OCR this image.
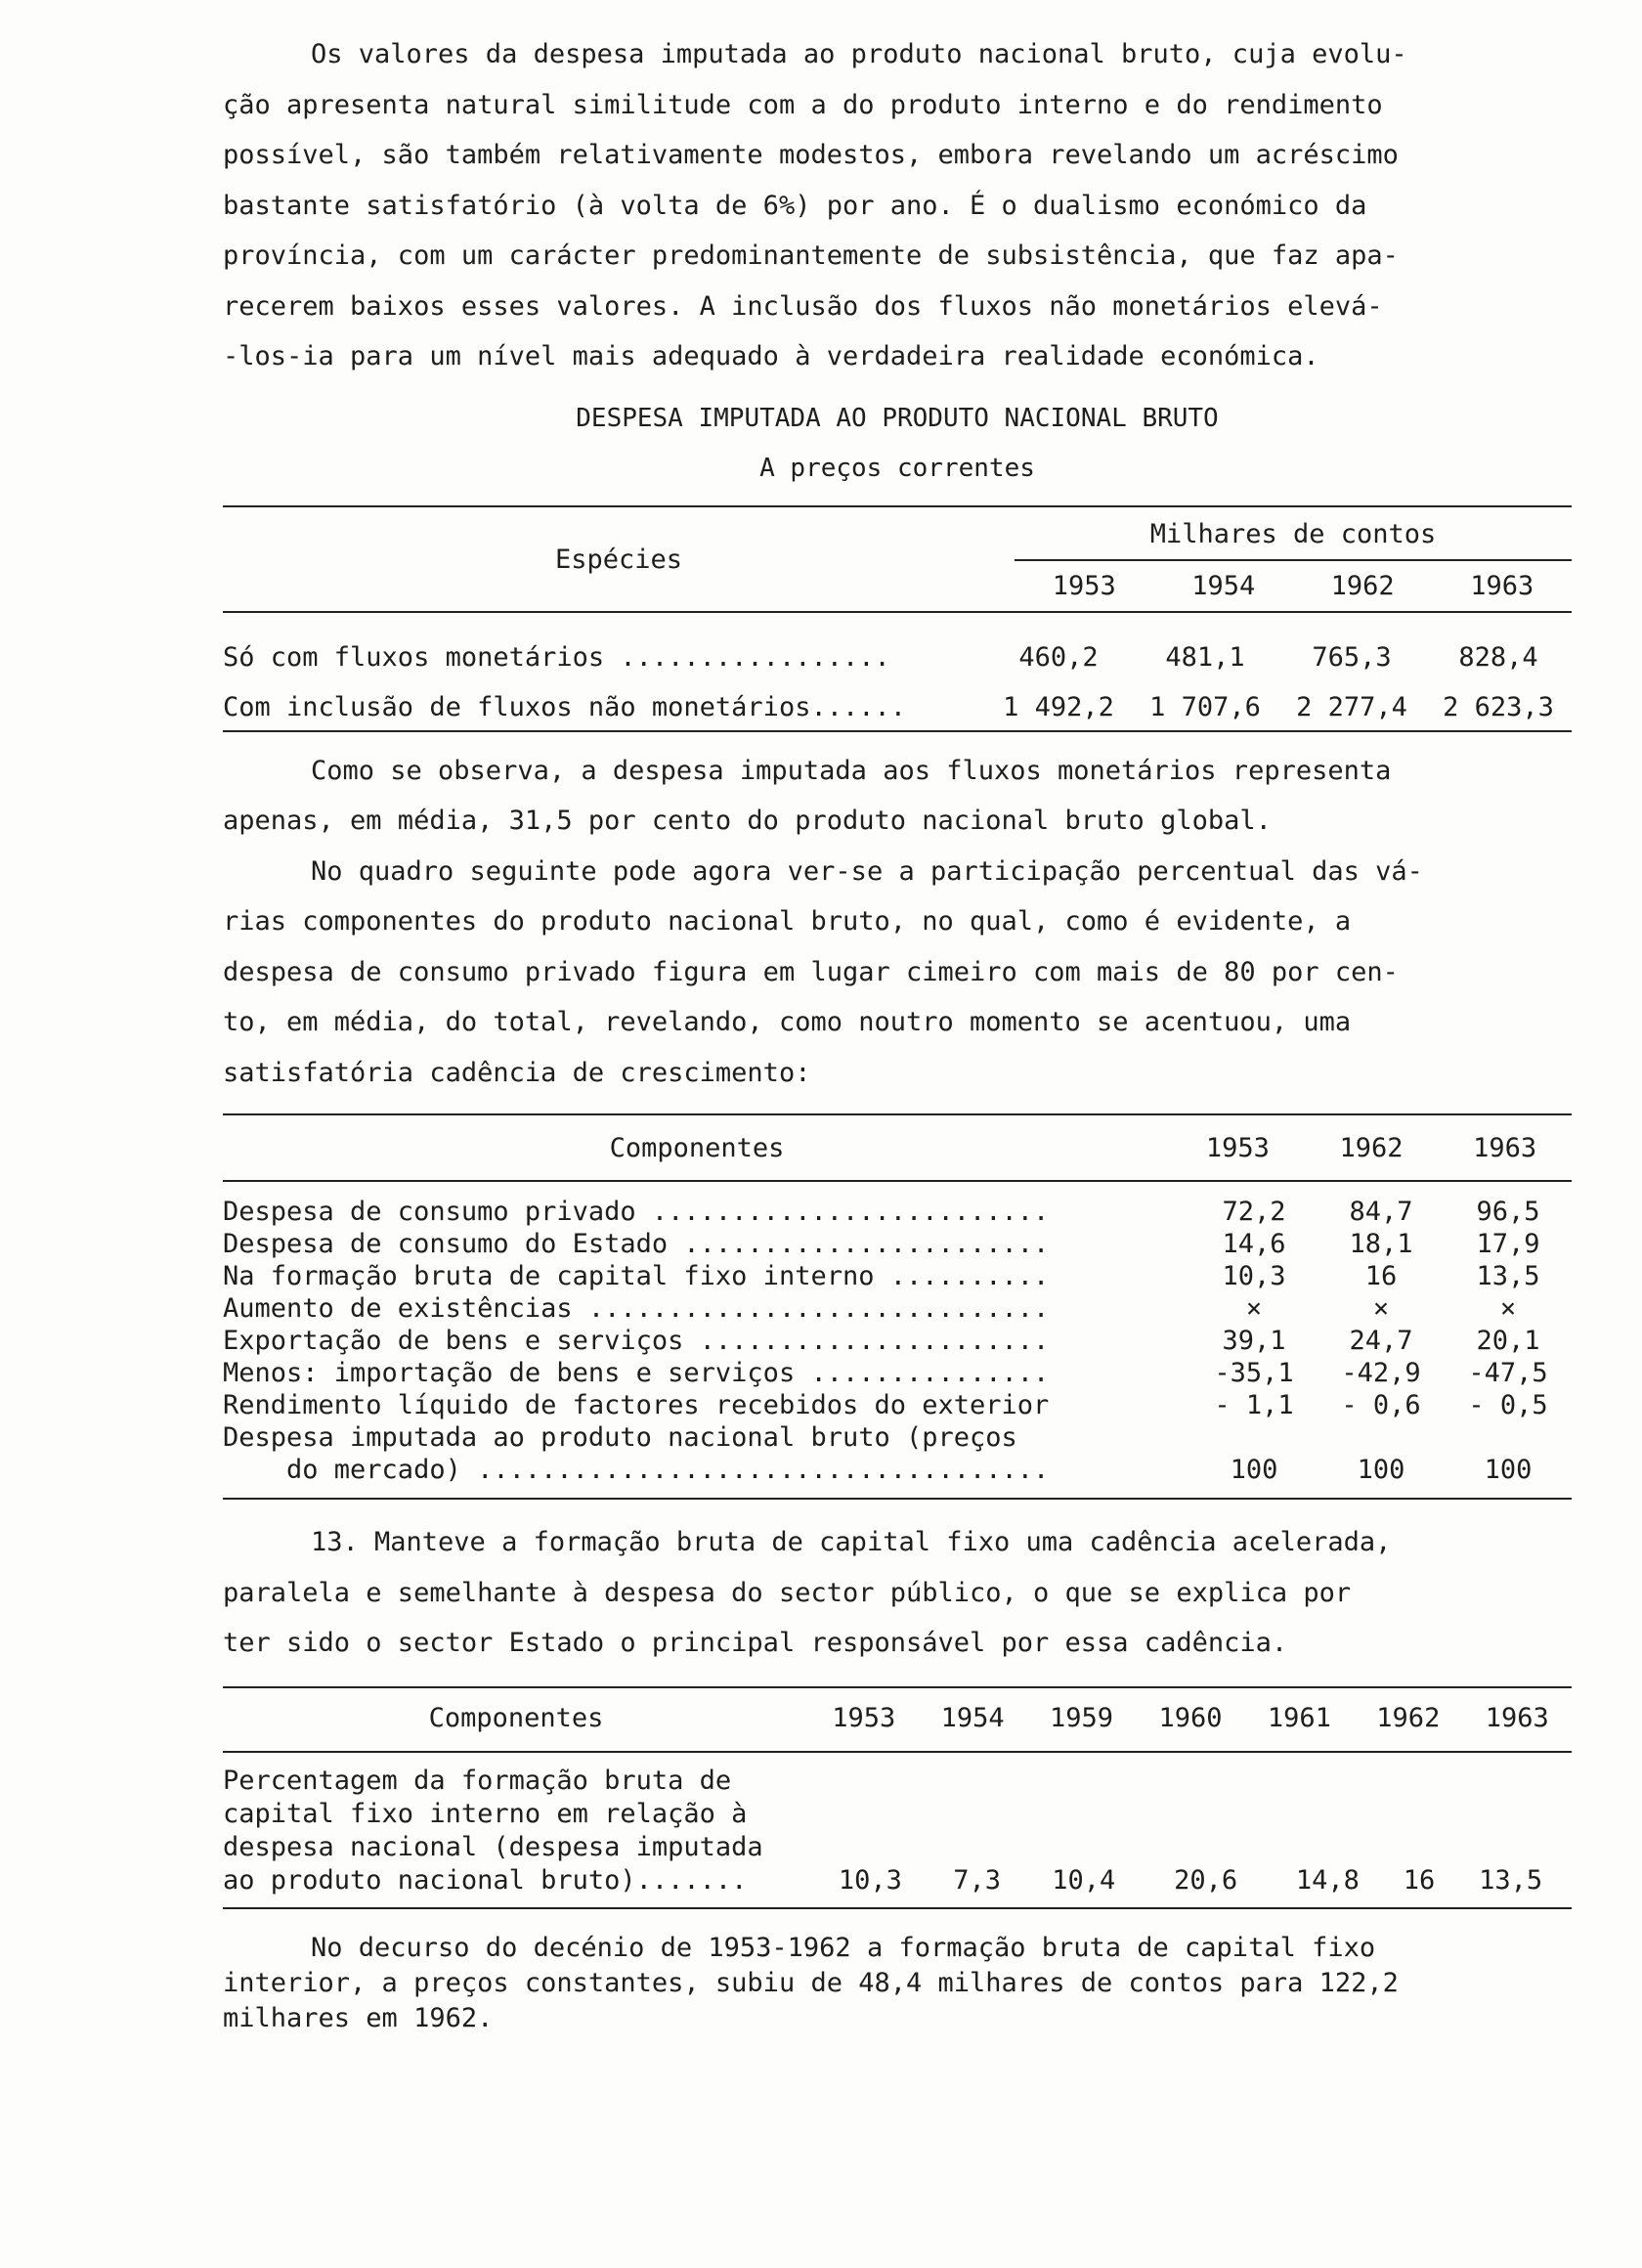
Os valores da despesa imputada ao produto nacional bruto, cuja evolu-
ção apresenta natural similitude com a do produto interno e do rendimento
possível, são também relativamente modestos, embora revelando um acréscimo
bastante satisfatório (à volta de 6%) por ano. É o dualismo económico da
província, com um carácter predominantemente de subsistência, que faz apa-
recerem baixos esses valores. A inclusão dos fluxos não monetários elevá-
-los-ia para um nível mais adequado à verdadeira realidade económica.
DESPESA IMPUTADA AO PRODUTO NACIONAL BRUTO
A preços correntes
Espécies	Milhares de contos			
	1953	1954	1962	1963
Só com fluxos monetários .................	460,2	481,1	765,3	828,4
Com inclusão de fluxos não monetários......	1 492,2	1 707,6	2 277,4	2 623,3
Como se observa, a despesa imputada aos fluxos monetários representa
apenas, em média, 31,5 por cento do produto nacional bruto global.
No quadro seguinte pode agora ver-se a participação percentual das vá-
rias componentes do produto nacional bruto, no qual, como é evidente, a
despesa de consumo privado figura em lugar cimeiro com mais de 80 por cen-
to, em média, do total, revelando, como noutro momento se acentuou, uma
satisfatória cadência de crescimento:
Componentes	1953	1962	1963
Despesa de consumo privado .........................	72,2	84,7	96,5
Despesa de consumo do Estado .......................	14,6	18,1	17,9
Na formação bruta de capital fixo interno ..........	10,3	16	13,5
Aumento de existências .............................	×	×	×
Exportação de bens e serviços ......................	39,1	24,7	20,1
Menos: importação de bens e serviços ...............	-35,1	-42,9	-47,5
Rendimento líquido de factores recebidos do exterior	- 1,1	- 0,6	- 0,5
Despesa imputada ao produto nacional bruto (preços			
do mercado) ....................................	100	100	100
13. Manteve a formação bruta de capital fixo uma cadência acelerada,
paralela e semelhante à despesa do sector público, o que se explica por
ter sido o sector Estado o principal responsável por essa cadência.
Componentes	1953	1954	1959	1960	1961	1962	1963
Percentagem da formação bruta de
capital fixo interno em relação à
despesa nacional (despesa imputada
ao produto nacional bruto).......	10,3	7,3	10,4	20,6	14,8	16	13,5
No decurso do decénio de 1953-1962 a formação bruta de capital fixo
interior, a preços constantes, subiu de 48,4 milhares de contos para 122,2
milhares em 1962.
